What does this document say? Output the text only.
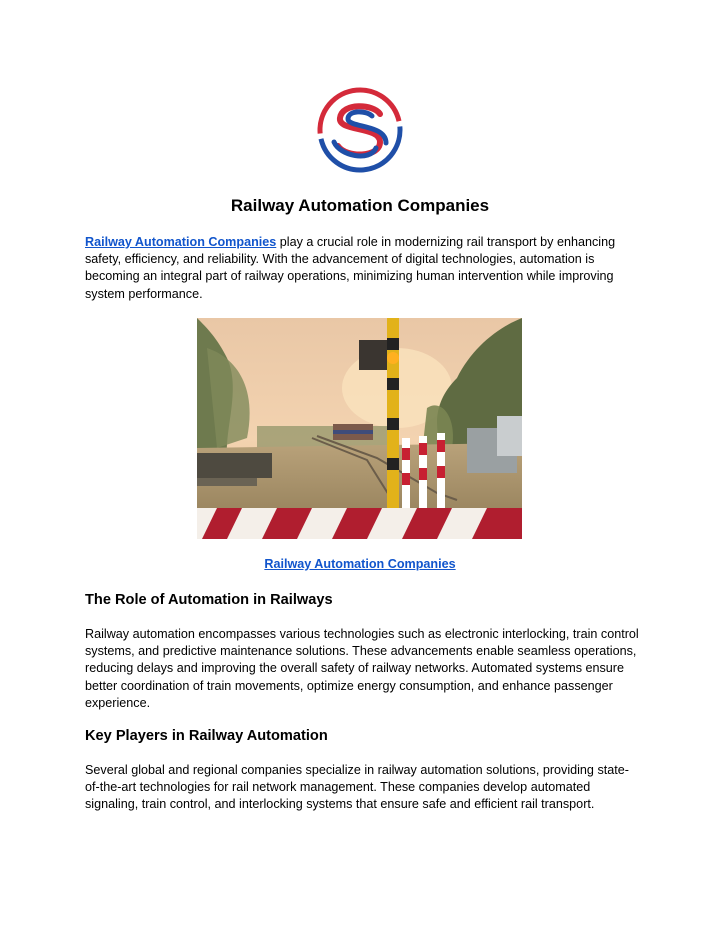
Railway Automation Companies

Railway Automation Companies play a crucial role in modernizing rail transport by enhancing safety, efficiency, and reliability. With the advancement of digital technologies, automation is becoming an integral part of railway operations, minimizing human intervention while improving system performance.

Railway Automation Companies
The Role of Automation in Railways

Railway automation encompasses various technologies such as electronic interlocking, train control systems, and predictive maintenance solutions. These advancements enable seamless operations, reducing delays and improving the overall safety of railway networks. Automated systems ensure better coordination of train movements, optimize energy consumption, and enhance passenger experience.

Key Players in Railway Automation

Several global and regional companies specialize in railway automation solutions, providing state-of-the-art technologies for rail network management. These companies develop automated signaling, train control, and interlocking systems that ensure safe and efficient rail transport.
